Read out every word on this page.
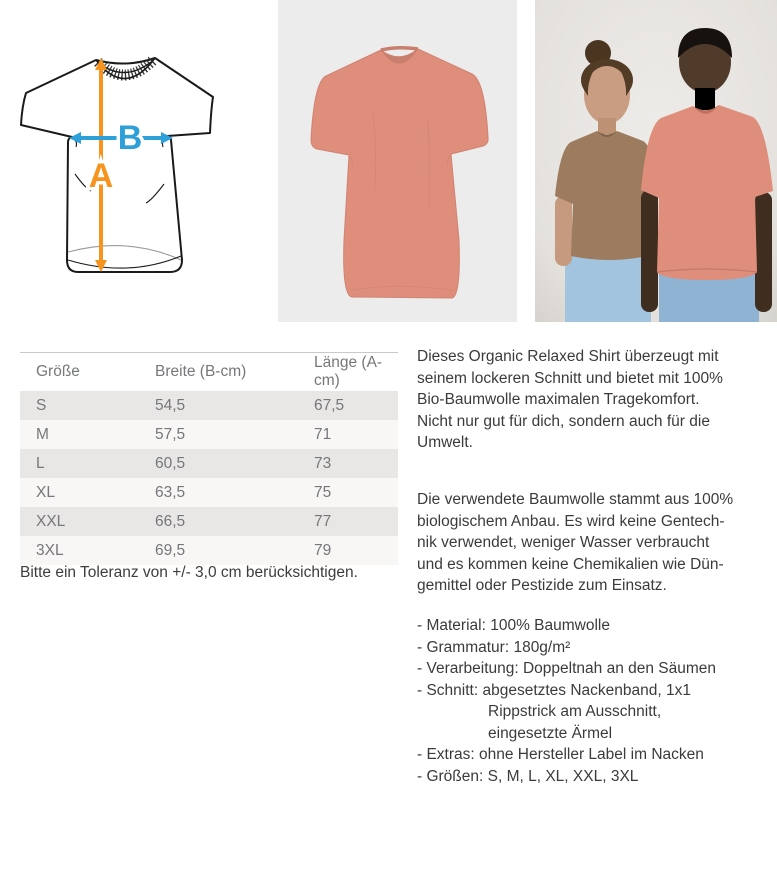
A
B
Größe	Breite (B-cm)	Länge (A-cm)
S	54,5	67,5
M	57,5	71
L	60,5	73
XL	63,5	75
XXL	66,5	77
3XL	69,5	79
Bitte ein Toleranz von +/- 3,0 cm berücksichtigen.
Dieses Organic Relaxed Shirt überzeugt mit
seinem lockeren Schnitt und bietet mit 100%
Bio-Baumwolle maximalen Tragekomfort.
Nicht nur gut für dich, sondern auch für die
Umwelt.
Die verwendete Baumwolle stammt aus 100%
biologischem Anbau. Es wird keine Gentech-
nik verwendet, weniger Wasser verbraucht
und es kommen keine Chemikalien wie Dün-
gemittel oder Pestizide zum Einsatz.
- Material: 100% Baumwolle
- Grammatur: 180g/m²
- Verarbeitung: Doppeltnah an den Säumen
- Schnitt: abgesetztes Nackenband, 1x1
Rippstrick am Ausschnitt,
eingesetzte Ärmel
- Extras: ohne Hersteller Label im Nacken
- Größen: S, M, L, XL, XXL, 3XL
